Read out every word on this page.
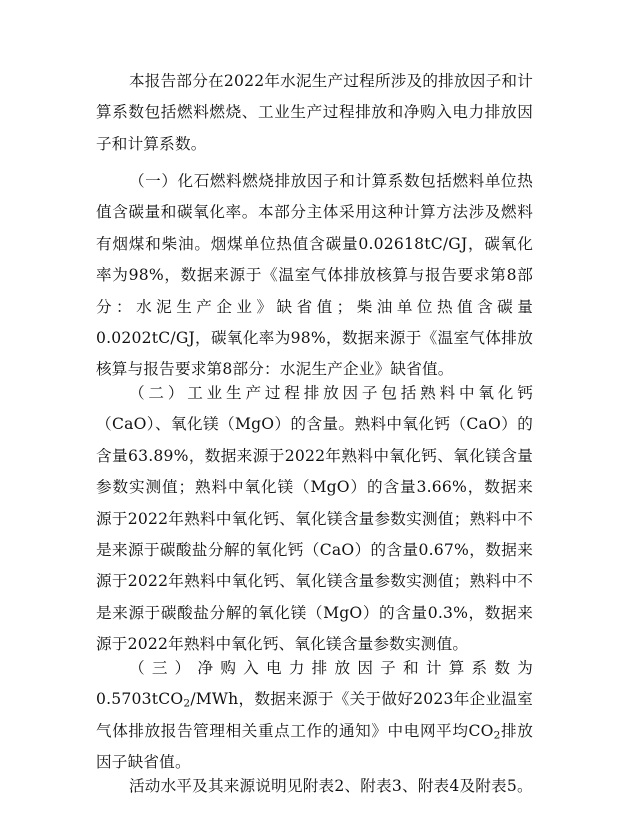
本报告部分在2022年水泥生产过程所涉及的排放因子和计算系数包括燃料燃烧、工业生产过程排放和净购入电力排放因子和计算系数。

（一）化石燃料燃烧排放因子和计算系数包括燃料单位热值含碳量和碳氧化率。本部分主体采用这种计算方法涉及燃料有烟煤和柴油。烟煤单位热值含碳量0.02618tC/GJ，碳氧化率为98%，数据来源于《温室气体排放核算与报告要求第8部分：水泥生产企业》缺省值；柴油单位热值含碳量0.0202tC/GJ，碳氧化率为98%，数据来源于《温室气体排放核算与报告要求第8部分：水泥生产企业》缺省值。

（二）工业生产过程排放因子包括熟料中氧化钙（CaO）、氧化镁（MgO）的含量。熟料中氧化钙（CaO）的含量63.89%，数据来源于2022年熟料中氧化钙、氧化镁含量参数实测值；熟料中氧化镁（MgO）的含量3.66%，数据来源于2022年熟料中氧化钙、氧化镁含量参数实测值；熟料中不是来源于碳酸盐分解的氧化钙（CaO）的含量0.67%，数据来源于2022年熟料中氧化钙、氧化镁含量参数实测值；熟料中不是来源于碳酸盐分解的氧化镁（MgO）的含量0.3%，数据来源于2022年熟料中氧化钙、氧化镁含量参数实测值。

（三）净购入电力排放因子和计算系数为0.5703tCO$_2$/MWh，数据来源于《关于做好2023年企业温室气体排放报告管理相关重点工作的通知》中电网平均$CO_2$排放因子缺省值。

活动水平及其来源说明见附表2、附表3、附表4及附表5。
